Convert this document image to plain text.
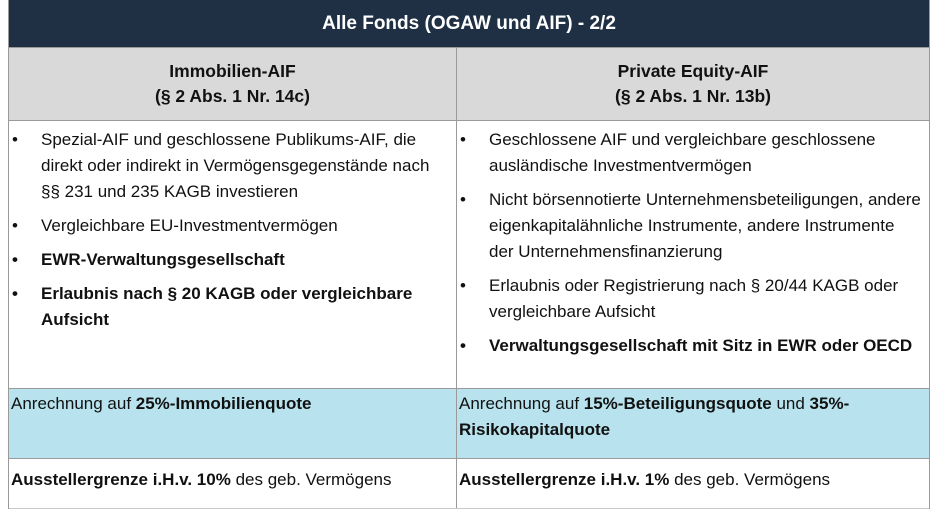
Alle Fonds (OGAW und AIF) - 2/2
Immobilien-AIF
(§ 2 Abs. 1 Nr. 14c)
Private Equity-AIF
(§ 2 Abs. 1 Nr. 13b)
• Spezial-AIF und geschlossene Publikums-AIF, die direkt oder indirekt in Vermögensgegenstände nach §§ 231 und 235 KAGB investieren
• Vergleichbare EU-Investmentvermögen
• EWR-Verwaltungsgesellschaft
• Erlaubnis nach § 20 KAGB oder vergleichbare Aufsicht
• Geschlossene AIF und vergleichbare geschlossene ausländische Investmentvermögen
• Nicht börsennotierte Unternehmensbeteiligungen, andere eigenkapitalähnliche Instrumente, andere Instrumente der Unternehmensfinanzierung
• Erlaubnis oder Registrierung nach § 20/44 KAGB oder vergleichbare Aufsicht
• Verwaltungsgesellschaft mit Sitz in EWR oder OECD
Anrechnung auf 25%-Immobilienquote	Anrechnung auf 15%-Beteiligungsquote und 35%-Risikokapitalquote
Ausstellergrenze i.H.v. 10% des geb. Vermögens	Ausstellergrenze i.H.v. 1% des geb. Vermögens
